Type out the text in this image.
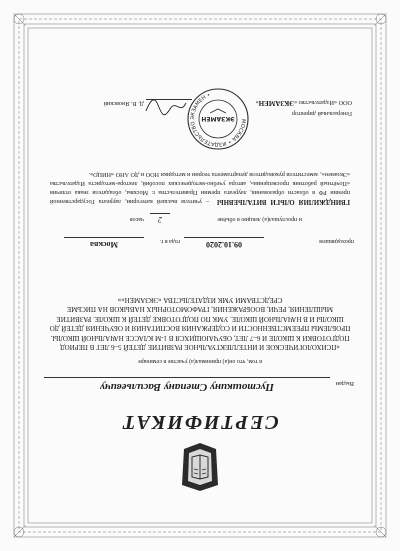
СЕРТИФИКАТ
Выдан
Пустошкину Степану Васильевичу
в том, что он(а) принимал(а) участие в семинаре
«ПСИХОЛОГИЧЕСКОЕ И ИНТЕЛЛЕКТУАЛЬНОЕ РАЗВИТИЕ ДЕТЕЙ 5–6 ЛЕТ В ПЕРИОД ПОДГОТОВКИ К ШКОЛЕ И 6–7 ЛЕТ, ОБУЧАЮЩИХСЯ В 1-М КЛАССЕ НАЧАЛЬНОЙ ШКОЛЫ. ПРОБЛЕМЫ ПРЕЕМСТВЕННОСТИ И СОДЕРЖАНИЯ ВОСПИТАНИЯ И ОБУЧЕНИЯ ДЕТЕЙ ДО ШКОЛЫ И В НАЧАЛЬНОЙ ШКОЛЕ. УМК ПО ПОДГОТОВКЕ ДЕТЕЙ К ШКОЛЕ. РАЗВИТИЕ МЫШЛЕНИЯ, РЕЧИ, ВООБРАЖЕНИЯ, ГРАФОМОТОРНЫХ НАВЫКОВ НА ПИСЬМЕ СРЕДСТВАМИ УМК ИЗДАТЕЛЬСТВА «ЭКЗАМЕН»»
проходившем
09.10.2020
года в г.
Москва
и прослушал(а) лекцию в объёме
2
часов
ГВИНДЖИЛИЯ ОЛЬГИ ВИТАЛЬЕВНЫ– учителя высшей категории, лауреата Государственной премии РФ в области образования, лауреата премии Правительства г. Москвы, обладателя знака отличия «Почётный работник просвещения», автора учебно-методических пособий, лектора-методиста Издательства «Экзамен», заместителя руководителя департамента теории и методики НОО и ДО АНО «НИЦО».
Генеральный директор
ООО «Издательство «ЭКЗАМЕН»
Д. В. Яновский
МОСКВА • ИЗДАТЕЛЬСТВО ЭКЗАМЕН •
ЭКЗАМЕН
